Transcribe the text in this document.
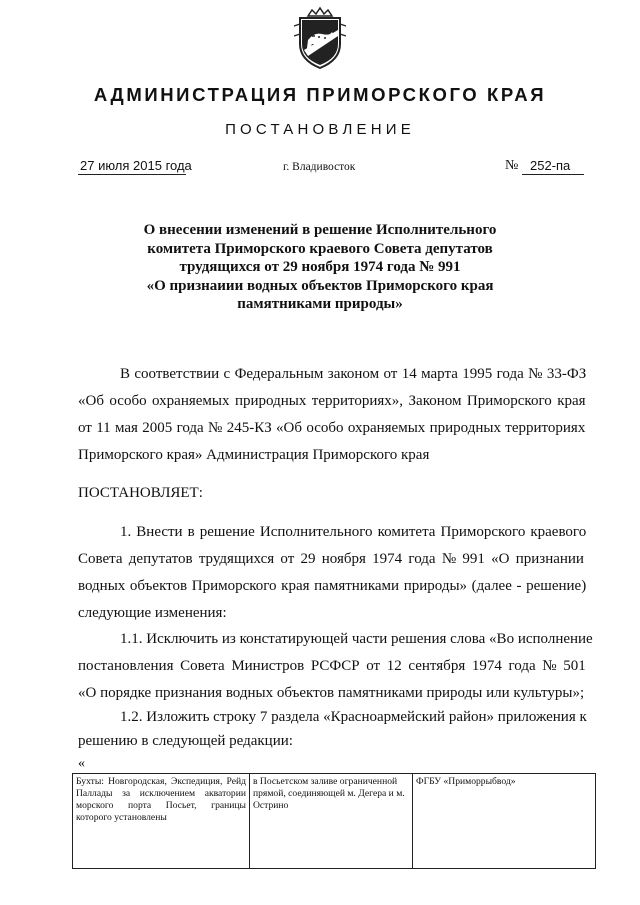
АДМИНИСТРАЦИЯ ПРИМОРСКОГО КРАЯ
ПОСТАНОВЛЕНИЕ
27 июля 2015 года	г. Владивосток	№ 252-па
О внесении изменений в решение Исполнительного
комитета Приморского краевого Совета депутатов
трудящихся от 29 ноября 1974 года № 991
«О признаиии водных объектов Приморского края
памятниками природы»
В соответствии с Федеральным законом от 14 марта 1995 года № 33-ФЗ
«Об особо охраняемых природных территориях», Законом Приморского края
от 11 мая 2005 года № 245-КЗ «Об особо охраняемых природных территориях
Приморского края» Администрация Приморского края
ПОСТАНОВЛЯЕТ:
1. Внести в решение Исполнительного комитета Приморского краевого
Совета депутатов трудящихся от 29 ноября 1974 года № 991 «О признании
водных объектов Приморского края памятниками природы» (далее - решение)
следующие изменения:
1.1. Исключить из констатирующей части решения слова «Во исполнение
постановления Совета Министров РСФСР от 12 сентября 1974 года № 501
«О порядке признания водных объектов памятниками природы или культуры»;
1.2. Изложить строку 7 раздела «Красноармейский район» приложения к
решению в следующей редакции:
«
Бухты: Новгородская, Экспедиция, Рейд Паллады за исключением акватории морского порта Посьет, границы которого установлены	в Посьетском заливе ограниченной прямой, соединяющей м. Дегера и м. Острино	ФГБУ «Приморрыбвод»
